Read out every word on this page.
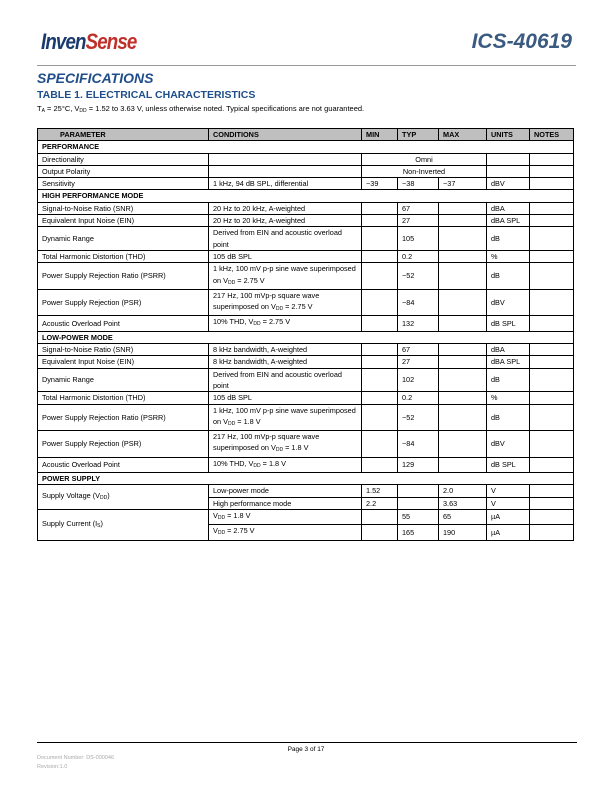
InvenSense	ICS-40619
SPECIFICATIONS
TABLE 1. ELECTRICAL CHARACTERISTICS
$T_A = 25^\circ C$, $V_{DD} = 1.52$ to 3.63 V, unless otherwise noted. Typical specifications are not guaranteed.
PARAMETER	CONDITIONS	MIN	TYP	MAX	UNITS	NOTES
PERFORMANCE						
Directionality		Omni				
Output Polarity		Non-Inverted				
Sensitivity	1 kHz, 94 dB SPL, differential	−39	−38	−37	dBV	
HIGH PERFORMANCE MODE						
Signal-to-Noise Ratio (SNR)	20 Hz to 20 kHz, A-weighted		67		dBA	
Equivalent Input Noise (EIN)	20 Hz to 20 kHz, A-weighted		27		dBA SPL	
Dynamic Range	Derived from EIN and acoustic overload point		105		dB	
Total Harmonic Distortion (THD)	105 dB SPL		0.2		%	
Power Supply Rejection Ratio (PSRR)	1 kHz, 100 mV p-p sine wave superimposed on $V_{DD} = 2.75$ V		−52		dB	
Power Supply Rejection (PSR)	217 Hz, 100 mVp-p square wave superimposed on $V_{DD} = 2.75$ V		−84		dBV	
Acoustic Overload Point	10% THD, $V_{DD} = 2.75$ V		132		dB SPL	
LOW-POWER MODE						
Signal-to-Noise Ratio (SNR)	8 kHz bandwidth, A-weighted		67		dBA	
Equivalent Input Noise (EIN)	8 kHz bandwidth, A-weighted		27		dBA SPL	
Dynamic Range	Derived from EIN and acoustic overload point		102		dB	
Total Harmonic Distortion (THD)	105 dB SPL		0.2		%	
Power Supply Rejection Ratio (PSRR)	1 kHz, 100 mV p-p sine wave superimposed on $V_{DD} = 1.8$ V		−52		dB	
Power Supply Rejection (PSR)	217 Hz, 100 mVp-p square wave superimposed on $V_{DD} = 1.8$ V		−84		dBV	
Acoustic Overload Point	10% THD, $V_{DD} = 1.8$ V		129		dB SPL	
POWER SUPPLY						
Supply Voltage $(V_{DD})$	Low-power mode	1.52		2.0	V	
	High performance mode	2.2		3.63	V	
Supply Current $(I_S)$	$V_{DD} = 1.8$ V		55	65	µA	
	$V_{DD} = 2.75$ V		165	190	µA	
Page 3 of 17
Document Number: DS-000046
Revision:1.0
